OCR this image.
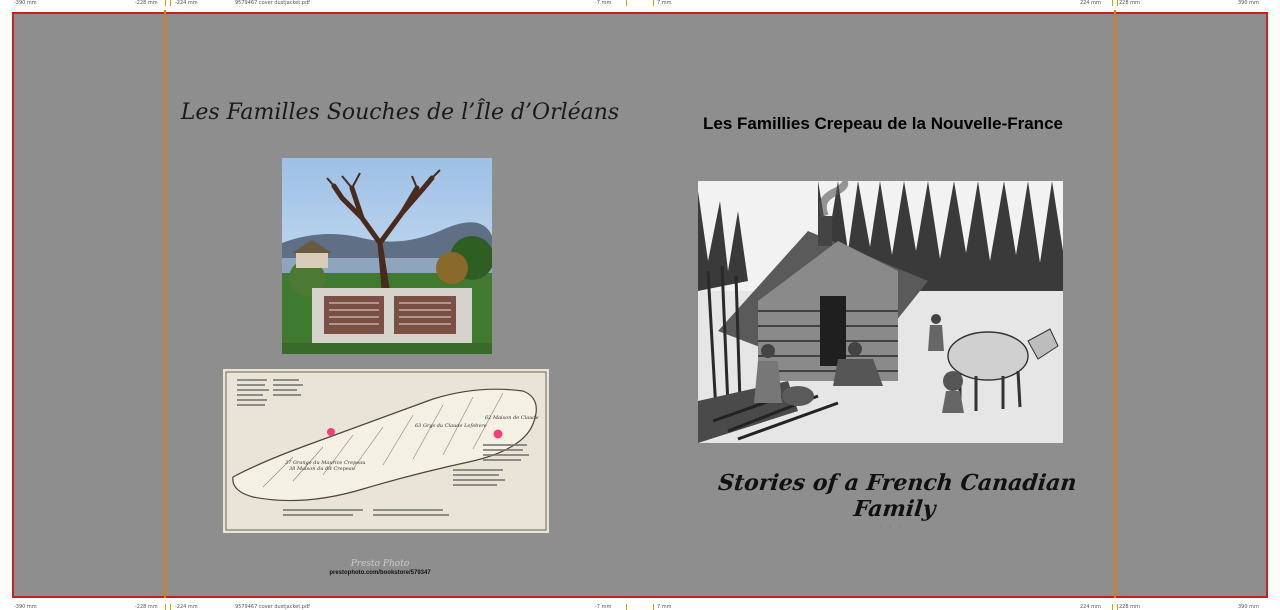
-390 mm	-228 mm	-224 mm	9579467 cover dustjacket.pdf	-7 mm	7 mm	224 mm	228 mm	390 mm
-390 mm	-228 mm	-224 mm	9579467 cover dustjacket.pdf	-7 mm	7 mm	224 mm	228 mm	390 mm
Les Familles Souches de l’Île d’Orléans
37 Grange du Maurice Crepeau
38 Maison du dit Crepeau
63 Grgs du Claude Lefebvre
62 Maison de Claude
Presto Photo
prestophoto.com/bookstore/579347
Les Famillies Crepeau de la Nouvelle-France
Stories of a French Canadian Family
. . .
